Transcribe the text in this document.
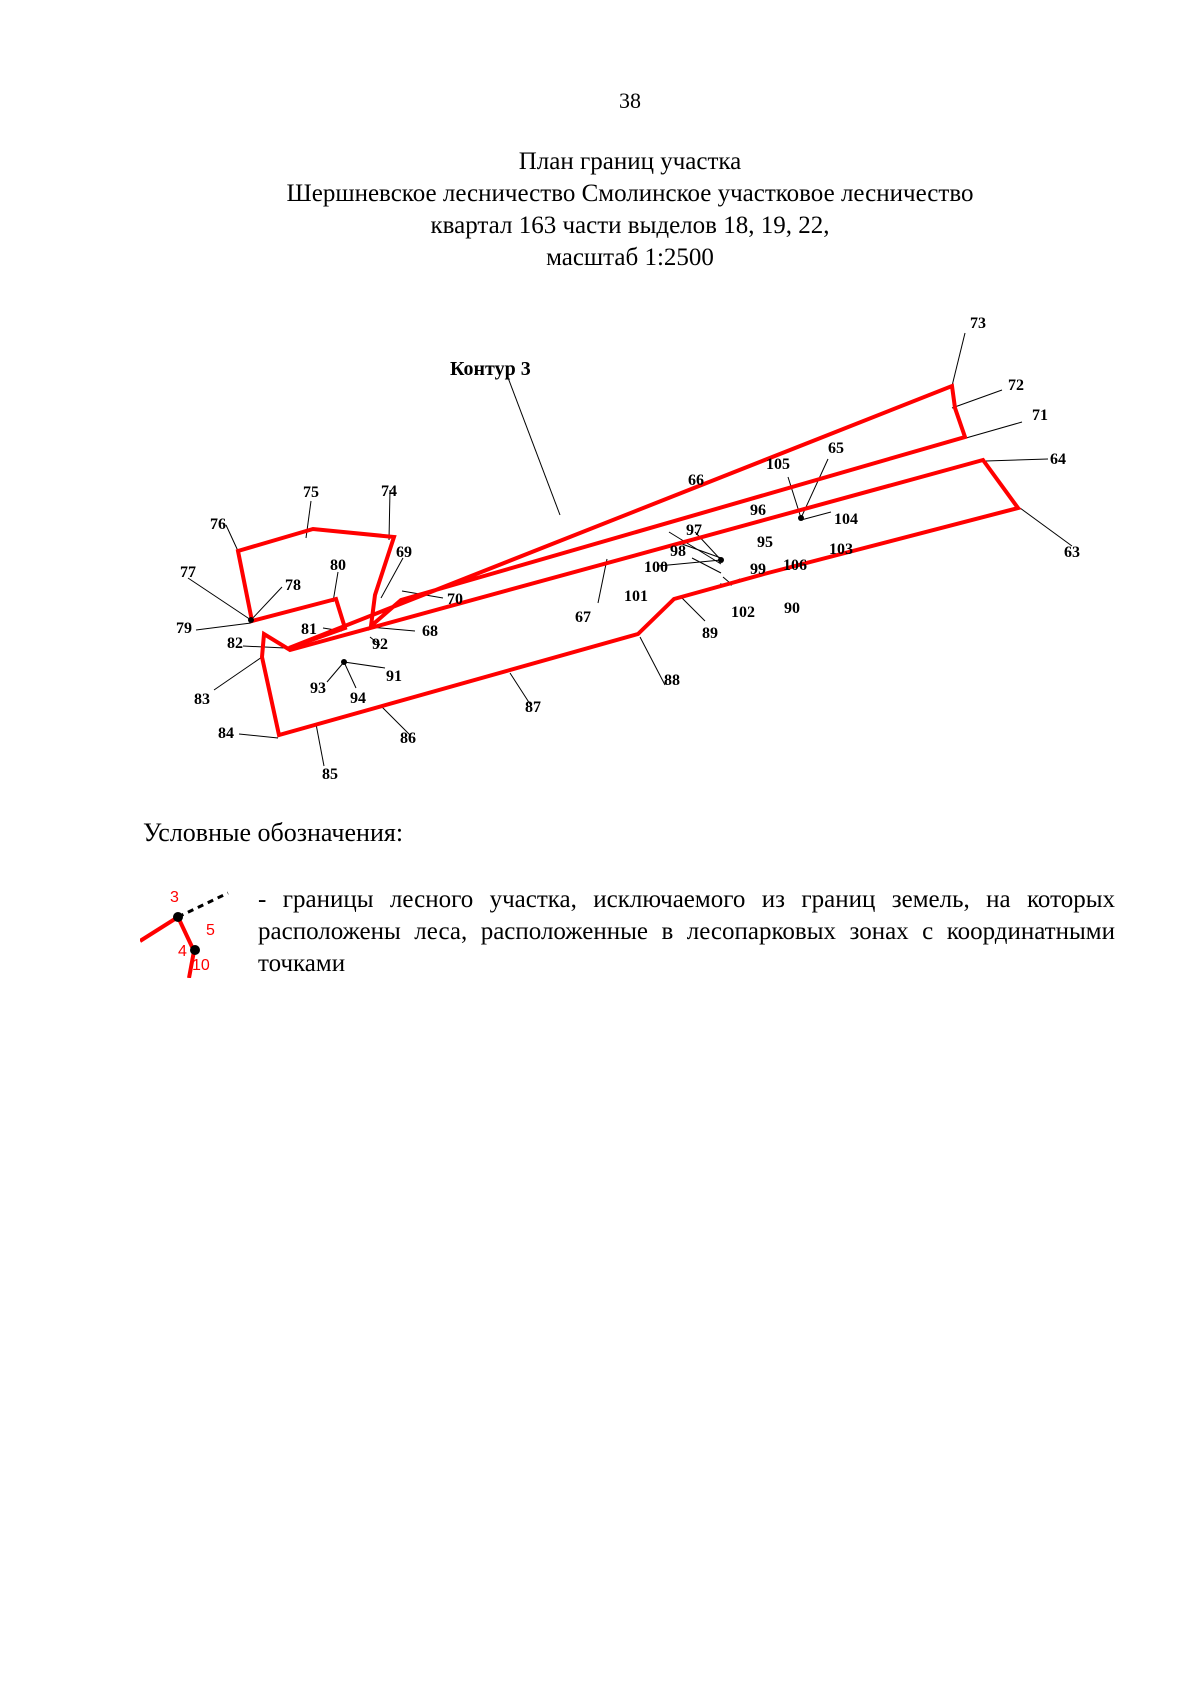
38
План границ участка
Шершневское лесничество Смолинское участковое лесничество
квартал 163 части выделов 18, 19, 22,
масштаб 1:2500
Контур 3
63
64
65
66
67
68
69
70
71
72
73
74
75
76
77
78
79
80
81
82
83
84
85
86
87
88
89
90
91
92
93
94
95
96
97
98
99
100
101
102
103
104
105
106
Условные обозначения:
3
5
4
10
- границы лесного участка, исключаемого из границ земель, на которых расположены леса, расположенные в лесопарковых зонах с координатными точками
